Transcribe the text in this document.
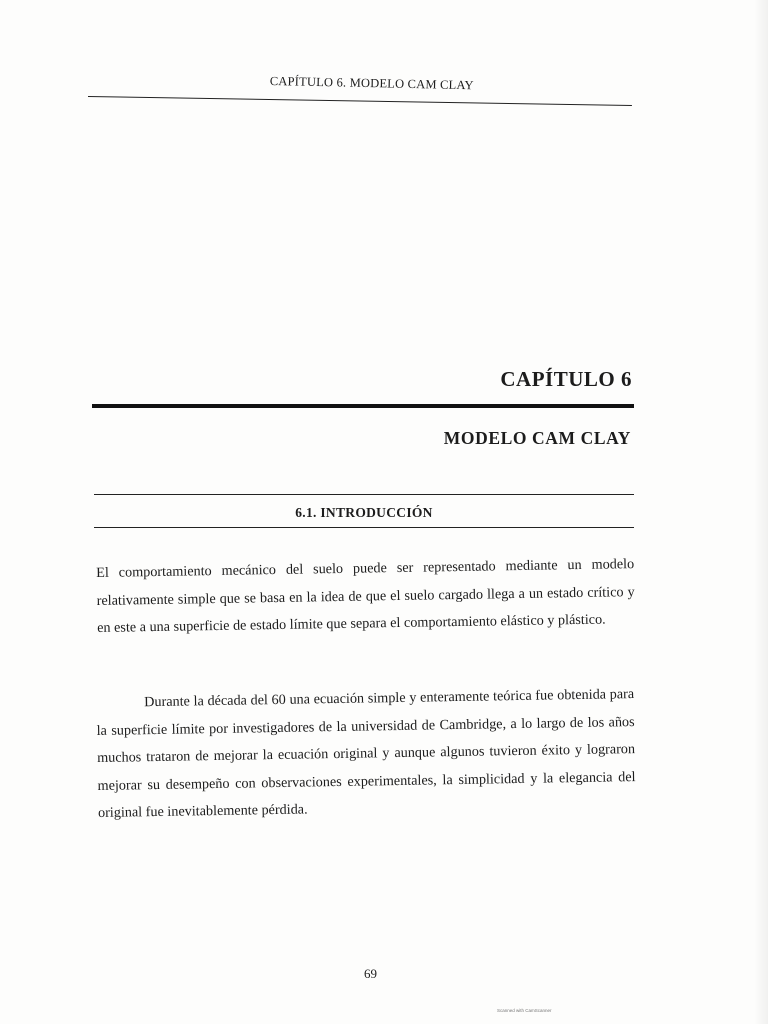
CAPÍTULO 6. MODELO CAM CLAY
CAPÍTULO 6
MODELO CAM CLAY
6.1. INTRODUCCIÓN

El comportamiento mecánico del suelo puede ser representado mediante un modelo relativamente simple que se basa en la idea de que el suelo cargado llega a un estado crítico y en este a una superficie de estado límite que separa el comportamiento elástico y plástico.

Durante la década del 60 una ecuación simple y enteramente teórica fue obtenida para la superficie límite por investigadores de la universidad de Cambridge, a lo largo de los años muchos trataron de mejorar la ecuación original y aunque algunos tuvieron éxito y lograron mejorar su desempeño con observaciones experimentales, la simplicidad y la elegancia del original fue inevitablemente pérdida.

69
Scanned with CamScanner
